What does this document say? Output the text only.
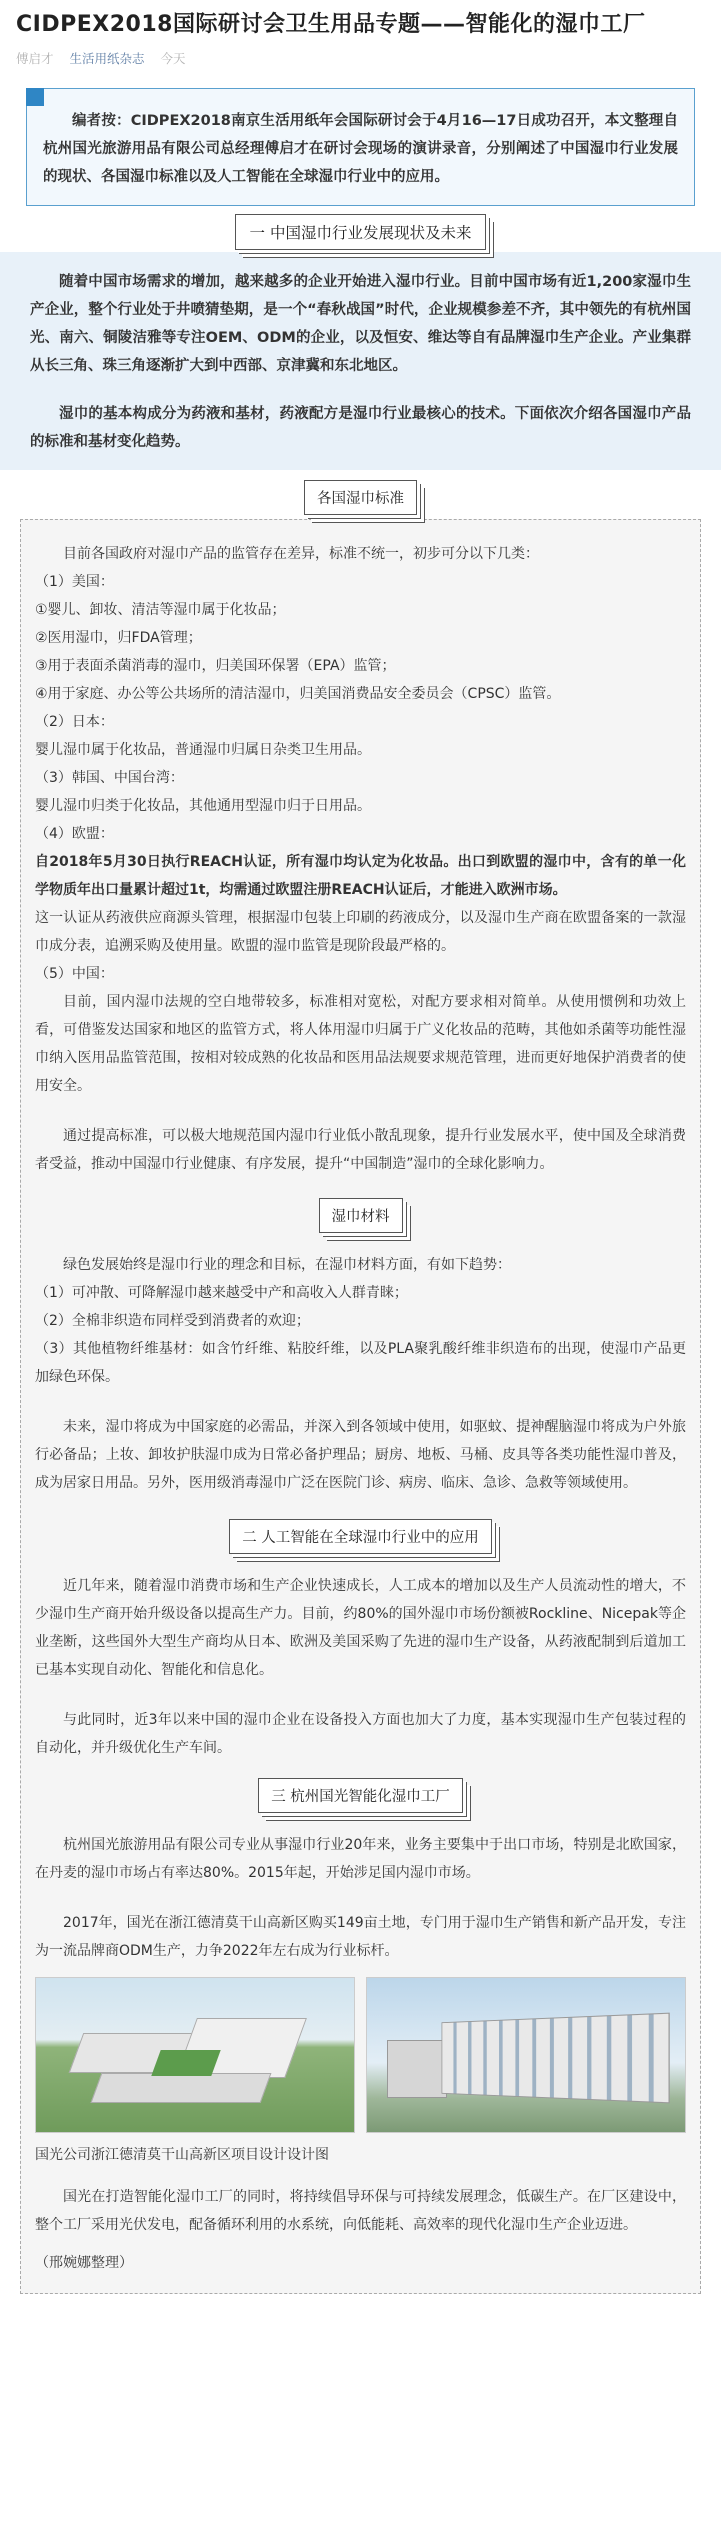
CIDPEX2018国际研讨会卫生用品专题——智能化的湿巾工厂
傅启才 生活用纸杂志 今天

编者按：CIDPEX2018南京生活用纸年会国际研讨会于4月16—17日成功召开，本文整理自杭州国光旅游用品有限公司总经理傅启才在研讨会现场的演讲录音，分别阐述了中国湿巾行业发展的现状、各国湿巾标准以及人工智能在全球湿巾行业中的应用。

一 中国湿巾行业发展现状及未来

随着中国市场需求的增加，越来越多的企业开始进入湿巾行业。目前中国市场有近1,200家湿巾生产企业，整个行业处于井喷猜垫期，是一个“春秋战国”时代，企业规模参差不齐，其中领先的有杭州国光、南六、铜陵洁雅等专注OEM、ODM的企业，以及恒安、维达等自有品牌湿巾生产企业。产业集群从长三角、珠三角逐渐扩大到中西部、京津冀和东北地区。

湿巾的基本构成分为药液和基材，药液配方是湿巾行业最核心的技术。下面依次介绍各国湿巾产品的标准和基材变化趋势。

各国湿巾标准

目前各国政府对湿巾产品的监管存在差异，标准不统一，初步可分以下几类：

（1）美国：

①婴儿、卸妆、清洁等湿巾属于化妆品；

②医用湿巾，归FDA管理；

③用于表面杀菌消毒的湿巾，归美国环保署（EPA）监管；

④用于家庭、办公等公共场所的清洁湿巾，归美国消费品安全委员会（CPSC）监管。

（2）日本：

婴儿湿巾属于化妆品，普通湿巾归属日杂类卫生用品。

（3）韩国、中国台湾：

婴儿湿巾归类于化妆品，其他通用型湿巾归于日用品。

（4）欧盟：

自2018年5月30日执行REACH认证，所有湿巾均认定为化妆品。出口到欧盟的湿巾中，含有的单一化学物质年出口量累计超过1t，均需通过欧盟注册REACH认证后，才能进入欧洲市场。

这一认证从药液供应商源头管理，根据湿巾包装上印刷的药液成分，以及湿巾生产商在欧盟备案的一款湿巾成分表，追溯采购及使用量。欧盟的湿巾监管是现阶段最严格的。

（5）中国：

目前，国内湿巾法规的空白地带较多，标准相对宽松，对配方要求相对简单。从使用惯例和功效上看，可借鉴发达国家和地区的监管方式，将人体用湿巾归属于广义化妆品的范畴，其他如杀菌等功能性湿巾纳入医用品监管范围，按相对较成熟的化妆品和医用品法规要求规范管理，进而更好地保护消费者的使用安全。

通过提高标准，可以极大地规范国内湿巾行业低小散乱现象，提升行业发展水平，使中国及全球消费者受益，推动中国湿巾行业健康、有序发展，提升“中国制造”湿巾的全球化影响力。

湿巾材料

绿色发展始终是湿巾行业的理念和目标，在湿巾材料方面，有如下趋势：

（1）可冲散、可降解湿巾越来越受中产和高收入人群青睐；

（2）全棉非织造布同样受到消费者的欢迎；

（3）其他植物纤维基材：如含竹纤维、粘胶纤维，以及PLA聚乳酸纤维非织造布的出现，使湿巾产品更加绿色环保。

未来，湿巾将成为中国家庭的必需品，并深入到各领域中使用，如驱蚊、提神醒脑湿巾将成为户外旅行必备品；上妆、卸妆护肤湿巾成为日常必备护理品；厨房、地板、马桶、皮具等各类功能性湿巾普及，成为居家日用品。另外，医用级消毒湿巾广泛在医院门诊、病房、临床、急诊、急救等领域使用。

二 人工智能在全球湿巾行业中的应用

近几年来，随着湿巾消费市场和生产企业快速成长，人工成本的增加以及生产人员流动性的增大，不少湿巾生产商开始升级设备以提高生产力。目前，约80%的国外湿巾市场份额被Rockline、Nicepak等企业垄断，这些国外大型生产商均从日本、欧洲及美国采购了先进的湿巾生产设备，从药液配制到后道加工已基本实现自动化、智能化和信息化。

与此同时，近3年以来中国的湿巾企业在设备投入方面也加大了力度，基本实现湿巾生产包装过程的自动化，并升级优化生产车间。

三 杭州国光智能化湿巾工厂

杭州国光旅游用品有限公司专业从事湿巾行业20年来，业务主要集中于出口市场，特别是北欧国家，在丹麦的湿巾市场占有率达80%。2015年起，开始涉足国内湿巾市场。

2017年，国光在浙江德清莫干山高新区购买149亩土地，专门用于湿巾生产销售和新产品开发，专注为一流品牌商ODM生产，力争2022年左右成为行业标杆。

国光公司浙江德清莫干山高新区项目设计设计图

国光在打造智能化湿巾工厂的同时，将持续倡导环保与可持续发展理念，低碳生产。在厂区建设中，整个工厂采用光伏发电，配备循环利用的水系统，向低能耗、高效率的现代化湿巾生产企业迈进。

（邢婉娜整理）
